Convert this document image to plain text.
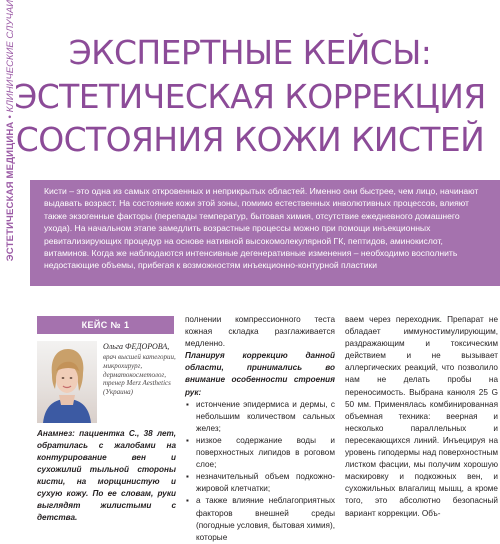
ЭСТЕТИЧЕСКАЯ МЕДИЦИНА•КЛИНИЧЕСКИЕ СЛУЧАИ	ЭКСПЕРТНЫЕ КЕЙСЫ:
ЭСТЕТИЧЕСКАЯ КОРРЕКЦИЯ
СОСТОЯНИЯ КОЖИ КИСТЕЙ

Кисти – это одна из самых откровенных и неприкрытых областей. Именно они быстрее, чем лицо, начинают
выдавать возраст. На состояние кожи этой зоны, помимо естественных инволютивных процессов, влияют также экзогенные факторы (перепады температур, бытовая химия, отсутствие ежедневного домашнего ухода). На начальном этапе замедлить возрастные процессы можно при помощи инъекционных ревитализирующих процедур на основе нативной высокомолекулярной ГК, пептидов, аминокислот, витаминов. Когда же наблюдаются интенсивные дегенеративные изменения – необходимо восполнить недостающие объемы, прибегая к возможностям инъекционно-контурной пластики

КЕЙС № 1
Ольга ФЕДОРОВА,
врач высшей категории, микрохирург, дерматокосметолог, тренер Merz Aesthetics (Украина)

Анамнез: пациентка С., 38 лет, обратилась с жалобами на контурирование вен и сухожилий тыльной стороны кисти, на морщинистую и сухую кожу. По ее словам, руки выглядят жилистыми с детства.

полнении компрессионного теста кожная складка разглаживается медленно.

Планируя коррекцию данной области, принимались во внимание особенности строения рук:

▪ истончение эпидермиса и дермы, с небольшим количеством сальных желез;
▪ низкое содержание воды и поверхностных липидов в роговом слое;
▪ незначительный объем подкожно-жировой клетчатки;
▪ а также влияние неблагоприятных факторов внешней среды (погодные условия, бытовая химия), которые

ваем через переходник. Препарат не обладает иммуностимулирующим, раздражающим и токсическим действием и не вызывает аллергических реакций, что позволило нам не делать пробы на переносимость. Выбрана канюля 25 G 50 мм. Применялась комбинированная объемная техника: веерная и несколько параллельных и пересекающихся линий. Инъецируя на уровень гиподермы над поверхностным листком фасции, мы получим хорошую маскировку и подкожных вен, и сухожильных влагалищ мышц, а кроме того, это абсолютно безопасный вариант коррекции. Объ-
